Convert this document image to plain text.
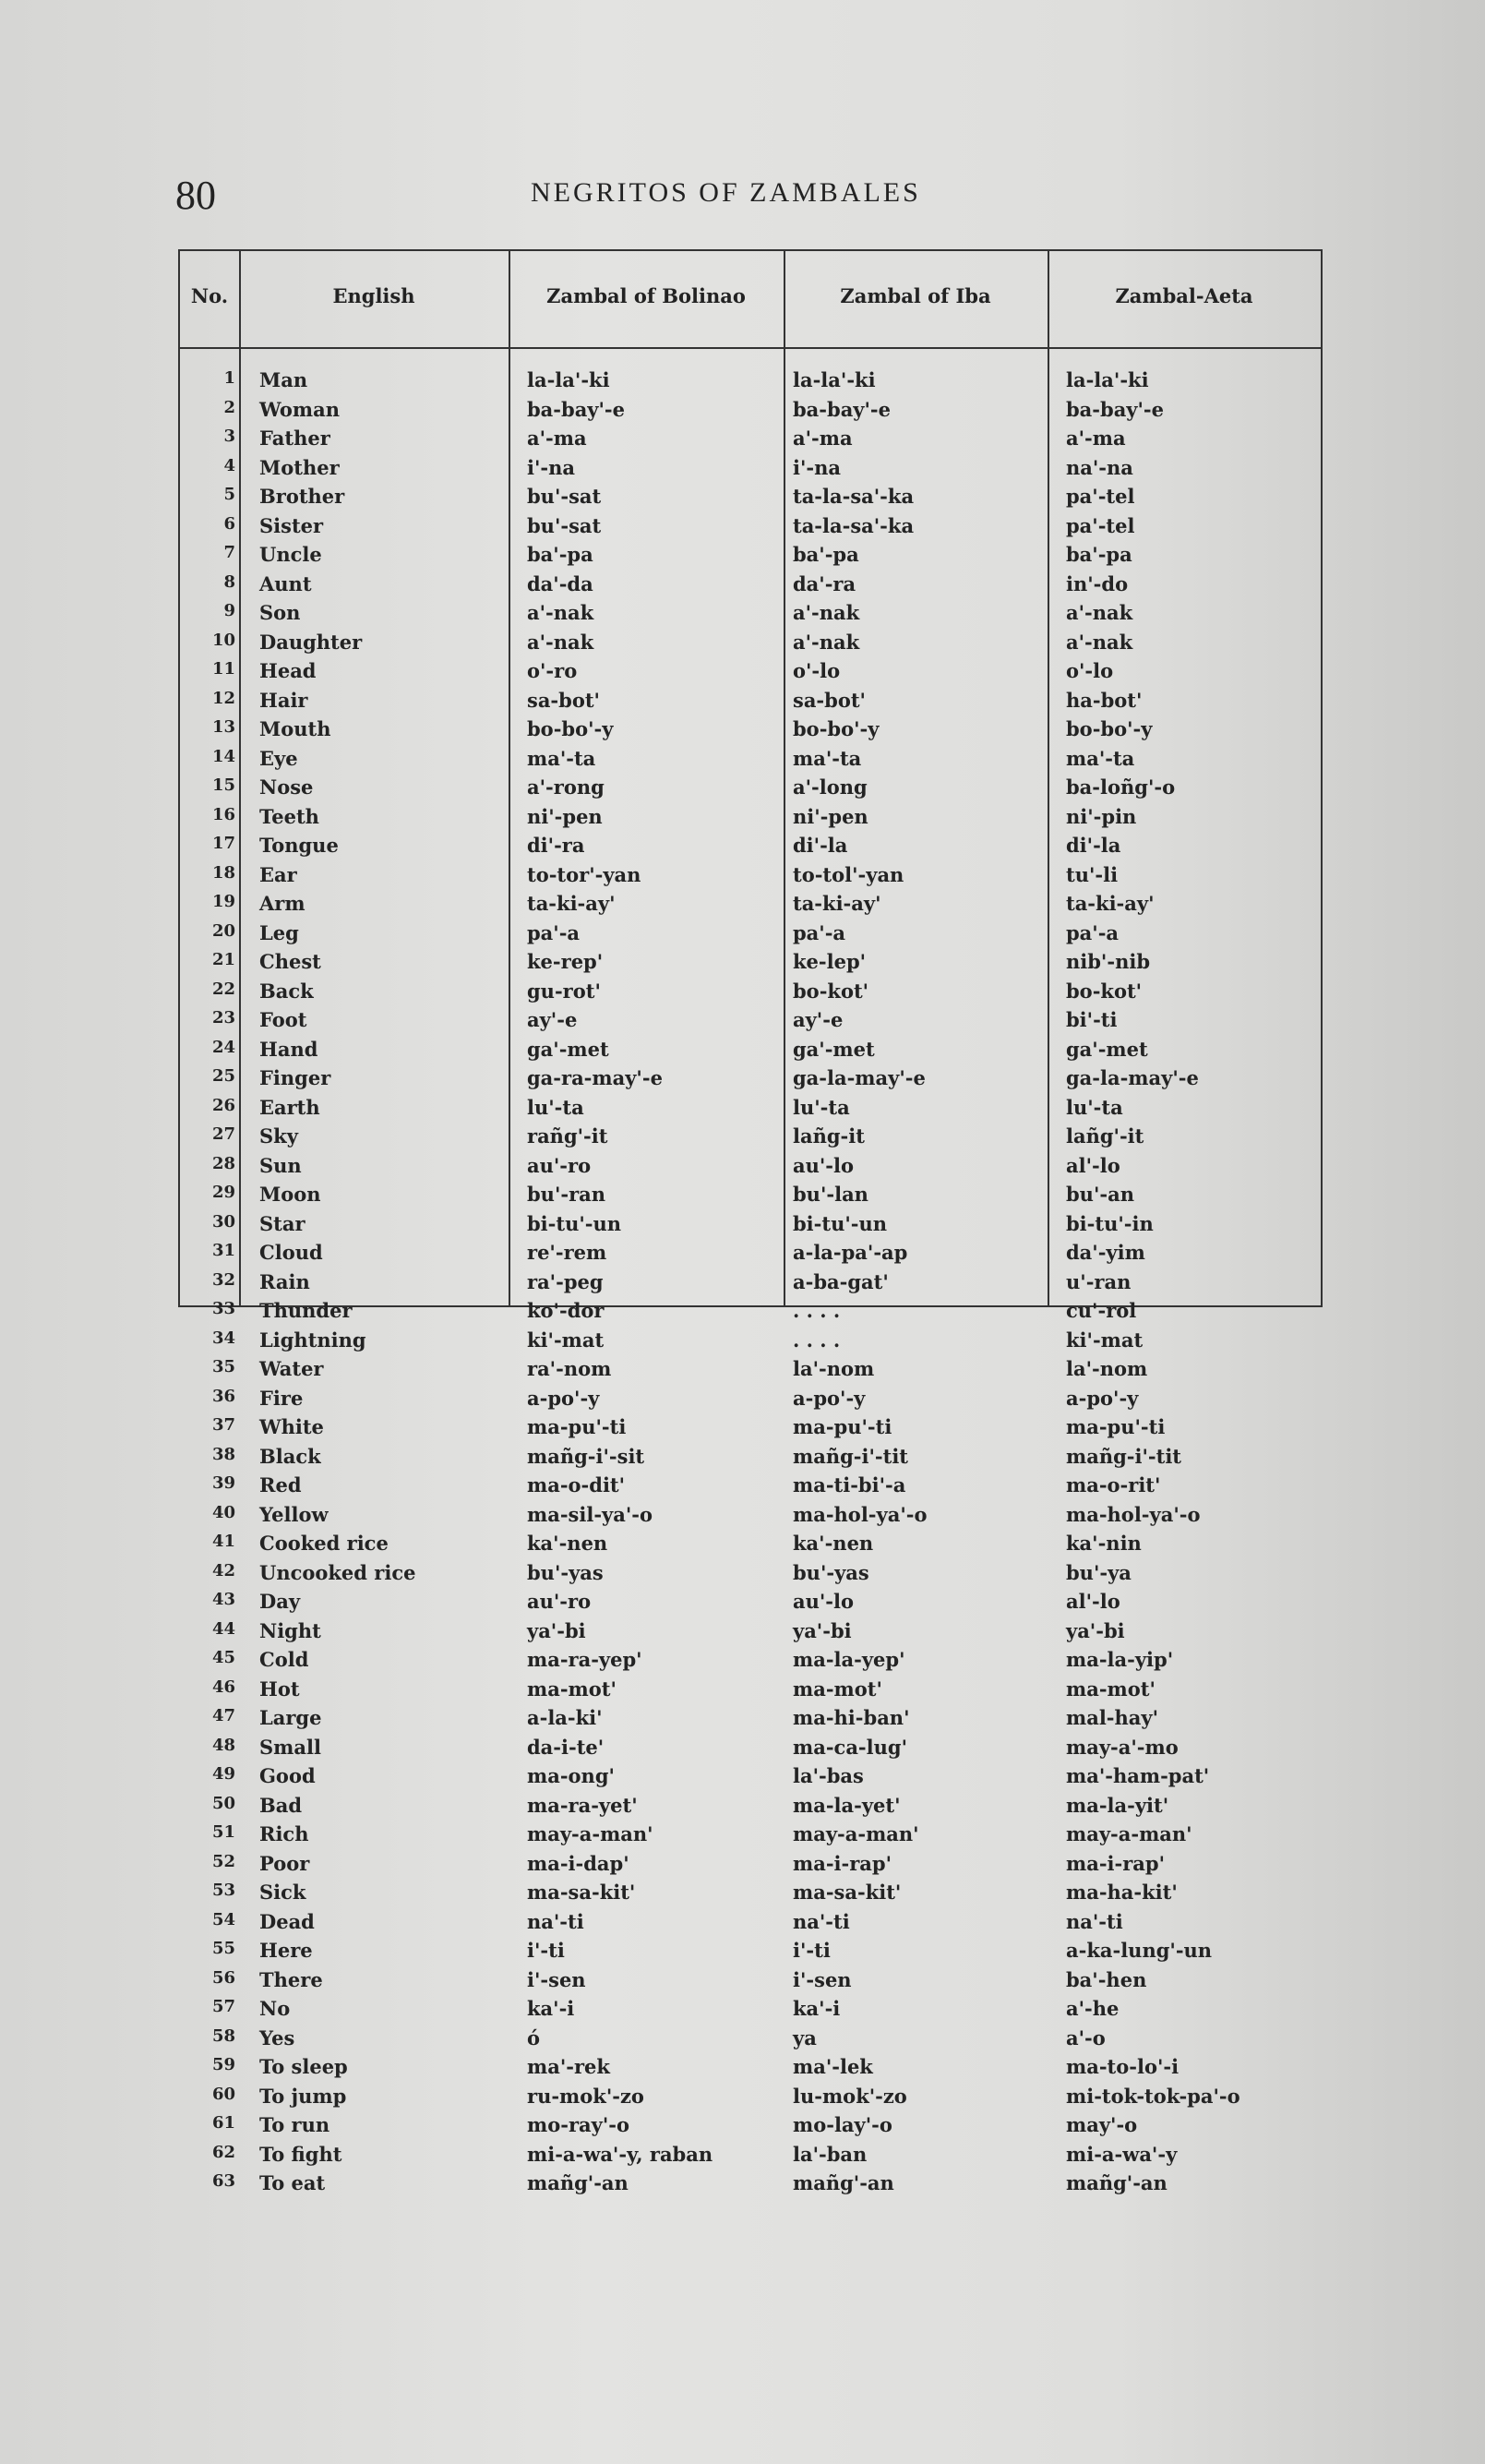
80	NEGRITOS OF ZAMBALES
No.	English	Zambal of Bolinao	Zambal of Iba	Zambal-Aeta
1 Man	la-la'-ki	la-la'-ki	la-la'-ki
2 Woman	ba-bay'-e	ba-bay'-e	ba-bay'-e
3 Father	a'-ma	a'-ma	a'-ma
4 Mother	i'-na	i'-na	na'-na
5 Brother	bu'-sat	ta-la-sa'-ka	pa'-tel
6 Sister	bu'-sat	ta-la-sa'-ka	pa'-tel
7 Uncle	ba'-pa	ba'-pa	ba'-pa
8 Aunt	da'-da	da'-ra	in'-do
9 Son	a'-nak	a'-nak	a'-nak
10 Daughter	a'-nak	a'-nak	a'-nak
11 Head	o'-ro	o'-lo	o'-lo
12 Hair	sa-bot'	sa-bot'	ha-bot'
13 Mouth	bo-bo'-y	bo-bo'-y	bo-bo'-y
14 Eye	ma'-ta	ma'-ta	ma'-ta
15 Nose	a'-rong	a'-long	ba-loñg'-o
16 Teeth	ni'-pen	ni'-pen	ni'-pin
17 Tongue	di'-ra	di'-la	di'-la
18 Ear	to-tor'-yan	to-tol'-yan	tu'-li
19 Arm	ta-ki-ay'	ta-ki-ay'	ta-ki-ay'
20 Leg	pa'-a	pa'-a	pa'-a
21 Chest	ke-rep'	ke-lep'	nib'-nib
22 Back	gu-rot'	bo-kot'	bo-kot'
23 Foot	ay'-e	ay'-e	bi'-ti
24 Hand	ga'-met	ga'-met	ga'-met
25 Finger	ga-ra-may'-e	ga-la-may'-e	ga-la-may'-e
26 Earth	lu'-ta	lu'-ta	lu'-ta
27 Sky	rañg'-it	lañg-it	lañg'-it
28 Sun	au'-ro	au'-lo	al'-lo
29 Moon	bu'-ran	bu'-lan	bu'-an
30 Star	bi-tu'-un	bi-tu'-un	bi-tu'-in
31 Cloud	re'-rem	a-la-pa'-ap	da'-yim
32 Rain	ra'-peg	a-ba-gat'	u'-ran
33 Thunder	ko'-dor	. . . .	cu'-rol
34 Lightning	ki'-mat	. . . .	ki'-mat
35 Water	ra'-nom	la'-nom	la'-nom
36 Fire	a-po'-y	a-po'-y	a-po'-y
37 White	ma-pu'-ti	ma-pu'-ti	ma-pu'-ti
38 Black	mañg-i'-sit	mañg-i'-tit	mañg-i'-tit
39 Red	ma-o-dit'	ma-ti-bi'-a	ma-o-rit'
40 Yellow	ma-sil-ya'-o	ma-hol-ya'-o	ma-hol-ya'-o
41 Cooked rice	ka'-nen	ka'-nen	ka'-nin
42 Uncooked rice	bu'-yas	bu'-yas	bu'-ya
43 Day	au'-ro	au'-lo	al'-lo
44 Night	ya'-bi	ya'-bi	ya'-bi
45 Cold	ma-ra-yep'	ma-la-yep'	ma-la-yip'
46 Hot	ma-mot'	ma-mot'	ma-mot'
47 Large	a-la-ki'	ma-hi-ban'	mal-hay'
48 Small	da-i-te'	ma-ca-lug'	may-a'-mo
49 Good	ma-ong'	la'-bas	ma'-ham-pat'
50 Bad	ma-ra-yet'	ma-la-yet'	ma-la-yit'
51 Rich	may-a-man'	may-a-man'	may-a-man'
52 Poor	ma-i-dap'	ma-i-rap'	ma-i-rap'
53 Sick	ma-sa-kit'	ma-sa-kit'	ma-ha-kit'
54 Dead	na'-ti	na'-ti	na'-ti
55 Here	i'-ti	i'-ti	a-ka-lung'-un
56 There	i'-sen	i'-sen	ba'-hen
57 No	ka'-i	ka'-i	a'-he
58 Yes	ó	ya	a'-o
59 To sleep	ma'-rek	ma'-lek	ma-to-lo'-i
60 To jump	ru-mok'-zo	lu-mok'-zo	mi-tok-tok-pa'-o
61 To run	mo-ray'-o	mo-lay'-o	may'-o
62 To fight	mi-a-wa'-y, raban	la'-ban	mi-a-wa'-y
63 To eat	mañg'-an	mañg'-an	mañg'-an
